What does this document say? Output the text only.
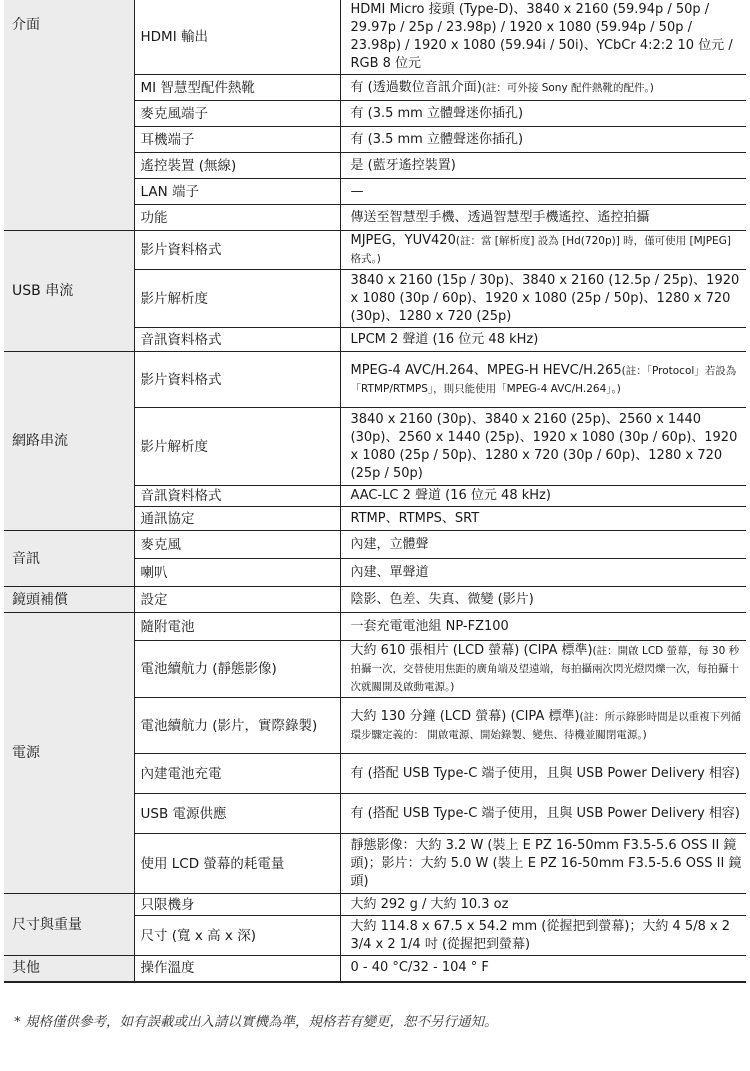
介面	HDMI 輸出	HDMI Micro 接頭 (Type-D)、3840 x 2160 (59.94p / 50p / 29.97p / 25p / 23.98p) / 1920 x 1080 (59.94p / 50p / 23.98p) / 1920 x 1080 (59.94i / 50i)、YCbCr 4:2:2 10 位元 / RGB 8 位元
	MI 智慧型配件熱靴	有 (透過數位音訊介面)(註：可外接 Sony 配件熱靴的配件。)
	麥克風端子	有 (3.5 mm 立體聲迷你插孔)
	耳機端子	有 (3.5 mm 立體聲迷你插孔)
	遙控裝置 (無線)	是 (藍牙遙控裝置)
	LAN 端子	—
	功能	傳送至智慧型手機、透過智慧型手機遙控、遙控拍攝
USB 串流	影片資料格式	MJPEG，YUV420(註：當 [解析度] 設為 [Hd(720p)] 時，僅可使用 [MJPEG] 格式。)
	影片解析度	3840 x 2160 (15p / 30p)、3840 x 2160 (12.5p / 25p)、1920 x 1080 (30p / 60p)、1920 x 1080 (25p / 50p)、1280 x 720 (30p)、1280 x 720 (25p)
	音訊資料格式	LPCM 2 聲道 (16 位元 48 kHz)
網路串流	影片資料格式	MPEG-4 AVC/H.264、MPEG-H HEVC/H.265(註：「Protocol」若設為「RTMP/RTMPS」，則只能使用「MPEG-4 AVC/H.264」。)
	影片解析度	3840 x 2160 (30p)、3840 x 2160 (25p)、2560 x 1440 (30p)、2560 x 1440 (25p)、1920 x 1080 (30p / 60p)、1920 x 1080 (25p / 50p)、1280 x 720 (30p / 60p)、1280 x 720 (25p / 50p)
	音訊資料格式	AAC-LC 2 聲道 (16 位元 48 kHz)
	通訊協定	RTMP、RTMPS、SRT
音訊	麥克風	內建，立體聲
	喇叭	內建、單聲道
鏡頭補償	設定	陰影、色差、失真、微變 (影片)
電源	隨附電池	一套充電電池組 NP-FZ100
	電池續航力 (靜態影像)	大約 610 張相片 (LCD 螢幕) (CIPA 標準)(註：開啟 LCD 螢幕，每 30 秒拍攝一次，交替使用焦距的廣角端及望遠端，每拍攝兩次閃光燈閃爍一次，每拍攝十次就關開及啟動電源。)
	電池續航力 (影片，實際錄製)	大約 130 分鐘 (LCD 螢幕) (CIPA 標準)(註：所示錄影時間是以重複下列循環步驟定義的： 開啟電源、開始錄製、變焦、待機並關閉電源。)
	內建電池充電	有 (搭配 USB Type-C 端子使用，且與 USB Power Delivery 相容)
	USB 電源供應	有 (搭配 USB Type-C 端子使用，且與 USB Power Delivery 相容)
	使用 LCD 螢幕的耗電量	靜態影像：大約 3.2 W (裝上 E PZ 16-50mm F3.5-5.6 OSS II 鏡頭)；影片：大約 5.0 W (裝上 E PZ 16-50mm F3.5-5.6 OSS II 鏡頭)
尺寸與重量	只限機身	大約 292 g / 大約 10.3 oz
	尺寸 (寬 x 高 x 深)	大約 114.8 x 67.5 x 54.2 mm (從握把到螢幕)；大約 4 5/8 x 2 3/4 x 2 1/4 吋 (從握把到螢幕)
其他	操作溫度	0 - 40 °C/32 - 104 ° F
* 規格僅供參考，如有誤載或出入請以實機為準，規格若有變更，恕不另行通知。
